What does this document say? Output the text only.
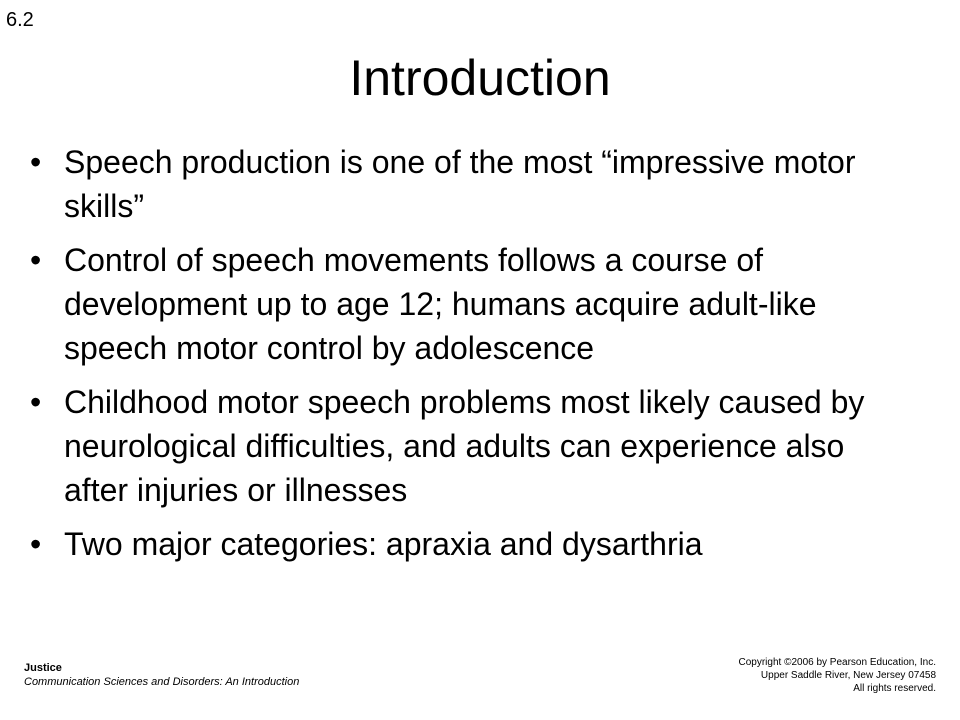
6.2
Introduction
• Speech production is one of the most “impressive motor skills”
• Control of speech movements follows a course of development up to age 12; humans acquire adult-like speech motor control by adolescence
• Childhood motor speech problems most likely caused by neurological difficulties, and adults can experience also after injuries or illnesses
• Two major categories: apraxia and dysarthria
Justice
Communication Sciences and Disorders: An Introduction
Copyright ©2006 by Pearson Education, Inc.
Upper Saddle River, New Jersey 07458
All rights reserved.
